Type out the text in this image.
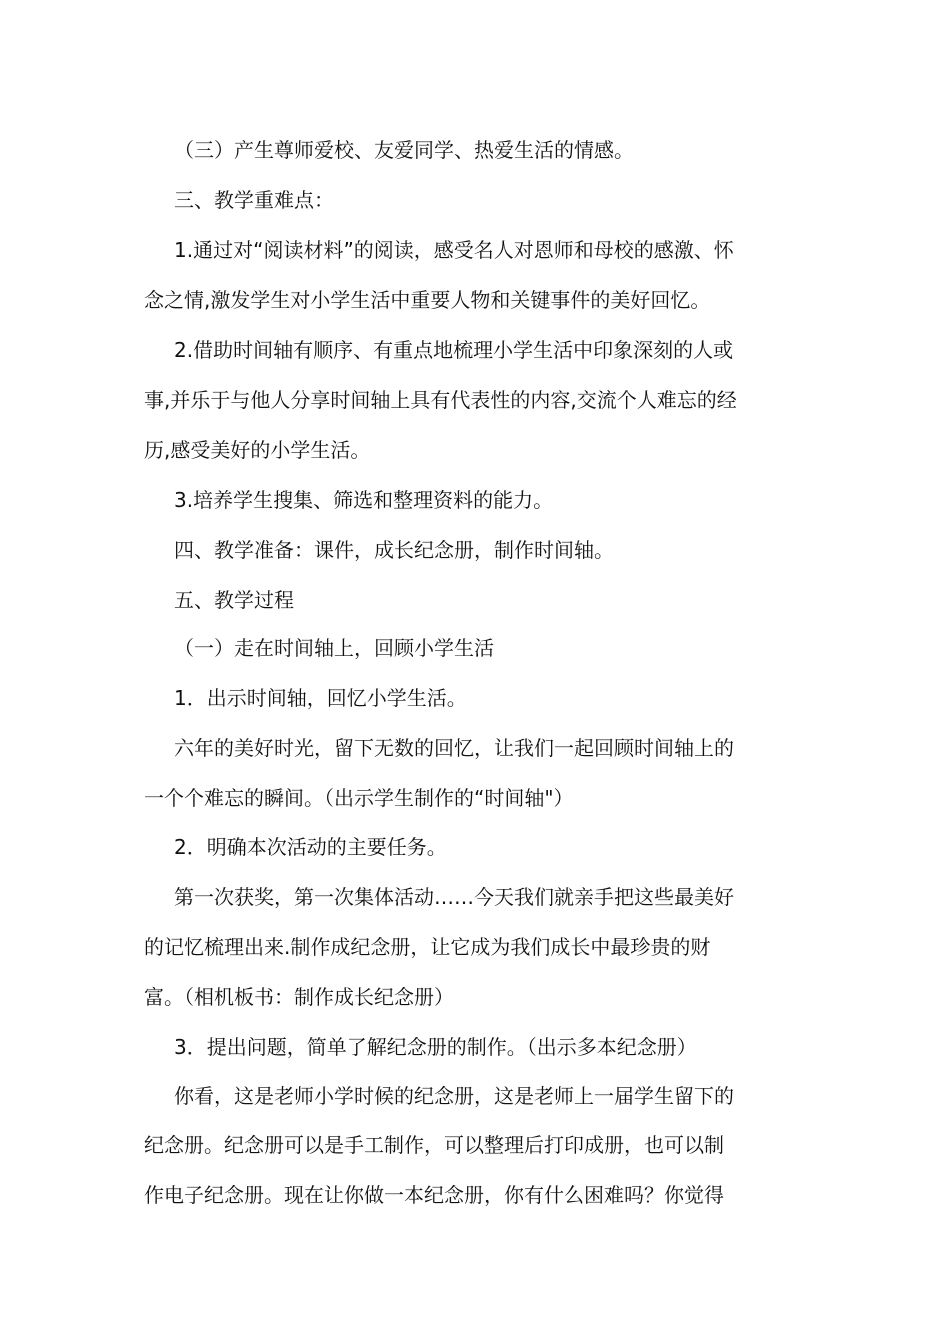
（三）产生尊师爱校、友爱同学、热爱生活的情感。
三、教学重难点：
1.通过对“阅读材料”的阅读，感受名人对恩师和母校的感激、怀
念之情,激发学生对小学生活中重要人物和关键事件的美好回忆。
2.借助时间轴有顺序、有重点地梳理小学生活中印象深刻的人或
事,并乐于与他人分享时间轴上具有代表性的内容,交流个人难忘的经
历,感受美好的小学生活。
3.培养学生搜集、筛选和整理资料的能力。
四、教学准备：课件，成长纪念册，制作时间轴。
五、教学过程
（一）走在时间轴上，回顾小学生活
1．出示时间轴，回忆小学生活。
六年的美好时光，留下无数的回忆，让我们一起回顾时间轴上的
一个个难忘的瞬间。（出示学生制作的“时间轴"）
2．明确本次活动的主要任务。
第一次获奖，第一次集体活动……今天我们就亲手把这些最美好
的记忆梳理出来.制作成纪念册，让它成为我们成长中最珍贵的财
富。（相机板书：制作成长纪念册）
3．提出问题，简单了解纪念册的制作。（出示多本纪念册）
你看，这是老师小学时候的纪念册，这是老师上一届学生留下的
纪念册。纪念册可以是手工制作，可以整理后打印成册，也可以制
作电子纪念册。现在让你做一本纪念册，你有什么困难吗？你觉得
